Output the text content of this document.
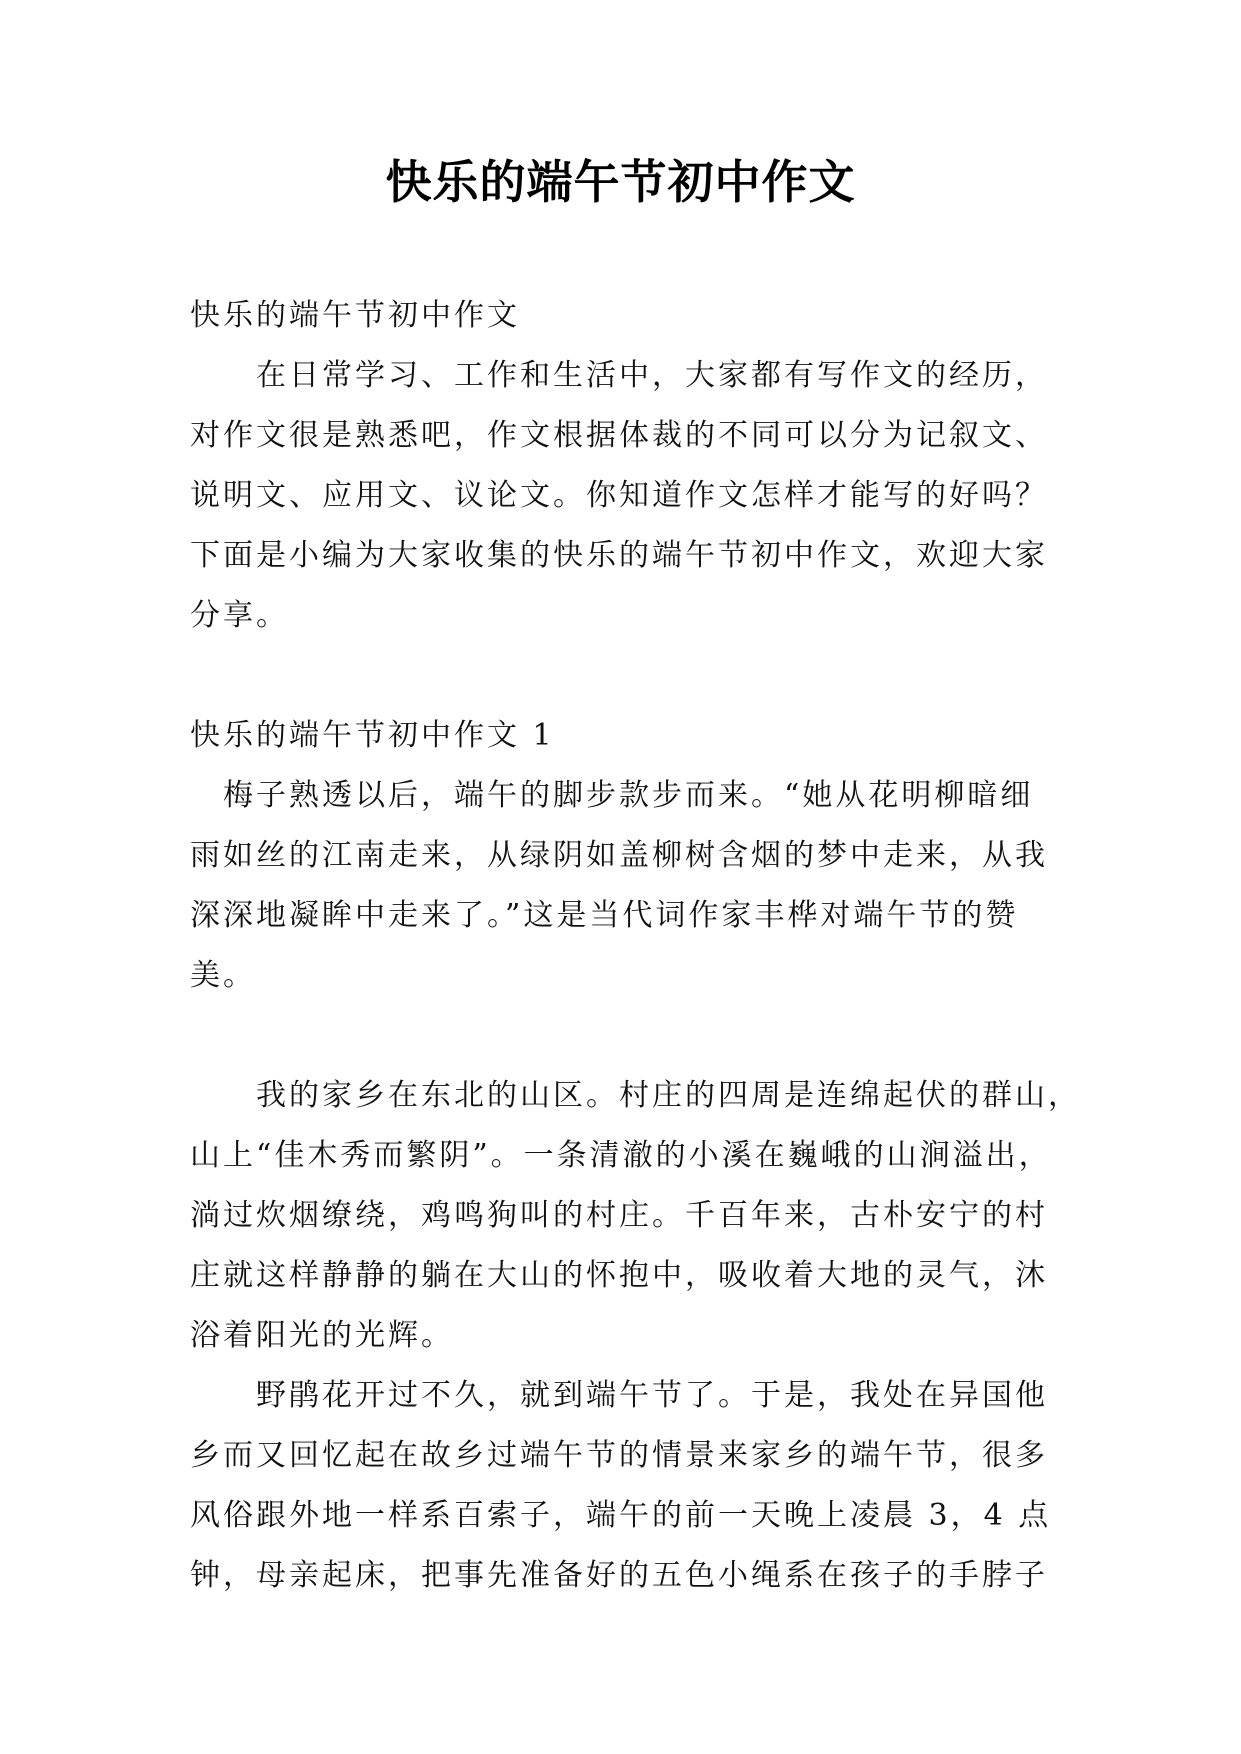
快乐的端午节初中作文
快乐的端午节初中作文
　　在日常学习、工作和生活中，大家都有写作文的经历，
对作文很是熟悉吧，作文根据体裁的不同可以分为记叙文、
说明文、应用文、议论文。你知道作文怎样才能写的好吗？
下面是小编为大家收集的快乐的端午节初中作文，欢迎大家
分享。
快乐的端午节初中作文 1
　梅子熟透以后，端午的脚步款步而来。“她从花明柳暗细
雨如丝的江南走来，从绿阴如盖柳树含烟的梦中走来，从我
深深地凝眸中走来了。”这是当代词作家丰桦对端午节的赞
美。
　　我的家乡在东北的山区。村庄的四周是连绵起伏的群山，
山上“佳木秀而繁阴”。一条清澈的小溪在巍峨的山涧溢出，
淌过炊烟缭绕，鸡鸣狗叫的村庄。千百年来，古朴安宁的村
庄就这样静静的躺在大山的怀抱中，吸收着大地的灵气，沐
浴着阳光的光辉。
　　野鹃花开过不久，就到端午节了。于是，我处在异国他
乡而又回忆起在故乡过端午节的情景来家乡的端午节，很多
风俗跟外地一样系百索子，端午的前一天晚上凌晨 3，4 点
钟，母亲起床，把事先准备好的五色小绳系在孩子的手脖子
